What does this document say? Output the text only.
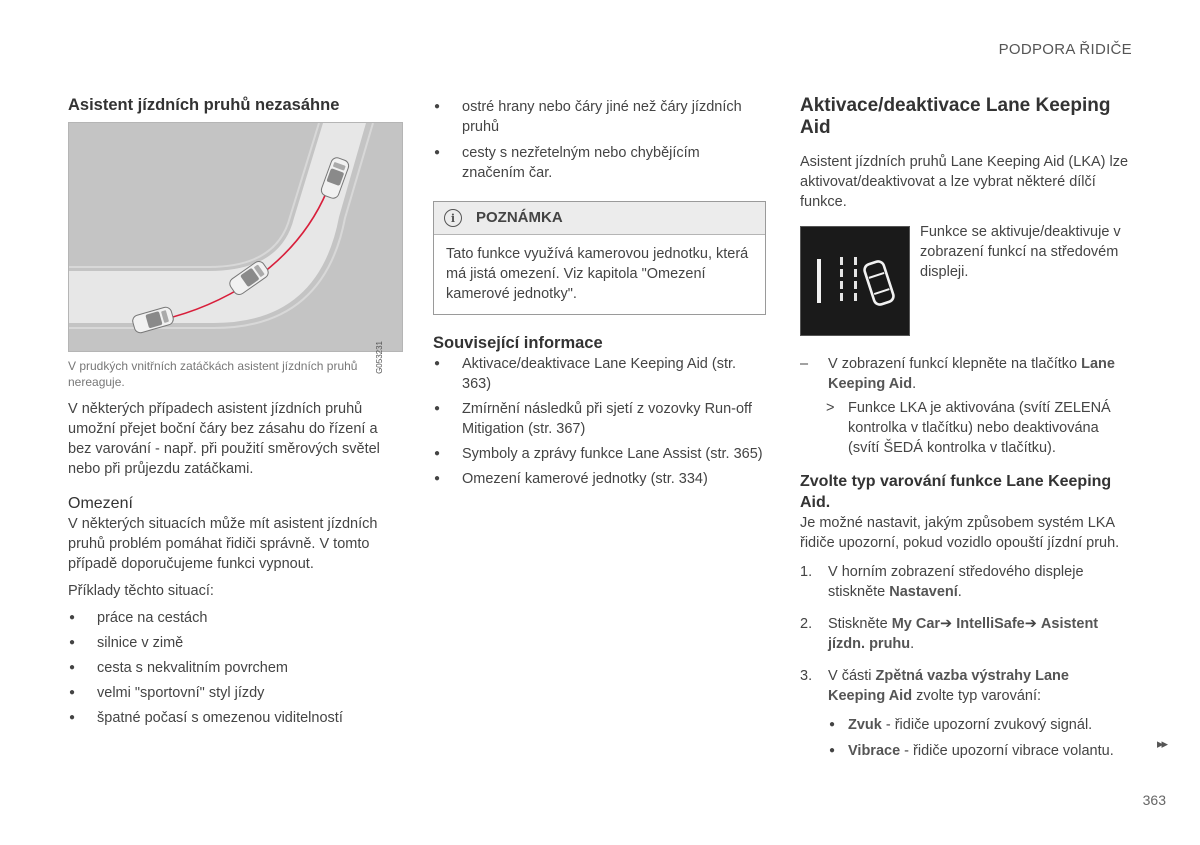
PODPORA ŘIDIČE
Asistent jízdních pruhů nezasáhne
G053231

V prudkých vnitřních zatáčkách asistent jízdních pruhů nereaguje.

V některých případech asistent jízdních pruhů umožní přejet boční čáry bez zásahu do řízení a bez varování - např. při použití směrových světel nebo při průjezdu zatáčkami.

Omezení

V některých situacích může mít asistent jízdních pruhů problém pomáhat řidiči správně. V tomto případě doporučujeme funkci vypnout.

Příklady těchto situací:

● práce na cestách
● silnice v zimě
● cesta s nekvalitním povrchem
● velmi "sportovní" styl jízdy
● špatné počasí s omezenou viditelností
● ostré hrany nebo čáry jiné než čáry jízdních pruhů
● cesty s nezřetelným nebo chybějícím značením čar.
i	POZNÁMKA
Tato funkce využívá kamerovou jednotku, která má jistá omezení. Viz kapitola "Omezení kamerové jednotky".
Související informace
● Aktivace/deaktivace Lane Keeping Aid (str. 363)
● Zmírnění následků při sjetí z vozovky Run-off Mitigation (str. 367)
● Symboly a zprávy funkce Lane Assist (str. 365)
● Omezení kamerové jednotky (str. 334)
Aktivace/deaktivace Lane Keeping Aid

Asistent jízdních pruhů Lane Keeping Aid (LKA) lze aktivovat/deaktivovat a lze vybrat některé dílčí funkce.

Funkce se aktivuje/deaktivuje v zobrazení funkcí na středovém displeji.

–	V zobrazení funkcí klepněte na tlačítko Lane Keeping Aid.
> Funkce LKA je aktivována (svítí ZELENÁ kontrolka v tlačítku) nebo deaktivována (svítí ŠEDÁ kontrolka v tlačítku).
Zvolte typ varování funkce Lane Keeping Aid.

Je možné nastavit, jakým způsobem systém LKA řidiče upozorní, pokud vozidlo opouští jízdní pruh.

1.	V horním zobrazení středového displeje stiskněte Nastavení.
2.	Stiskněte My Car➔ IntelliSafe➔ Asistent jízdn. pruhu.
3.	V části Zpětná vazba výstrahy Lane Keeping Aid zvolte typ varování:
● Zvuk - řidiče upozorní zvukový signál.
● Vibrace - řidiče upozorní vibrace volantu.	▸▸
363
